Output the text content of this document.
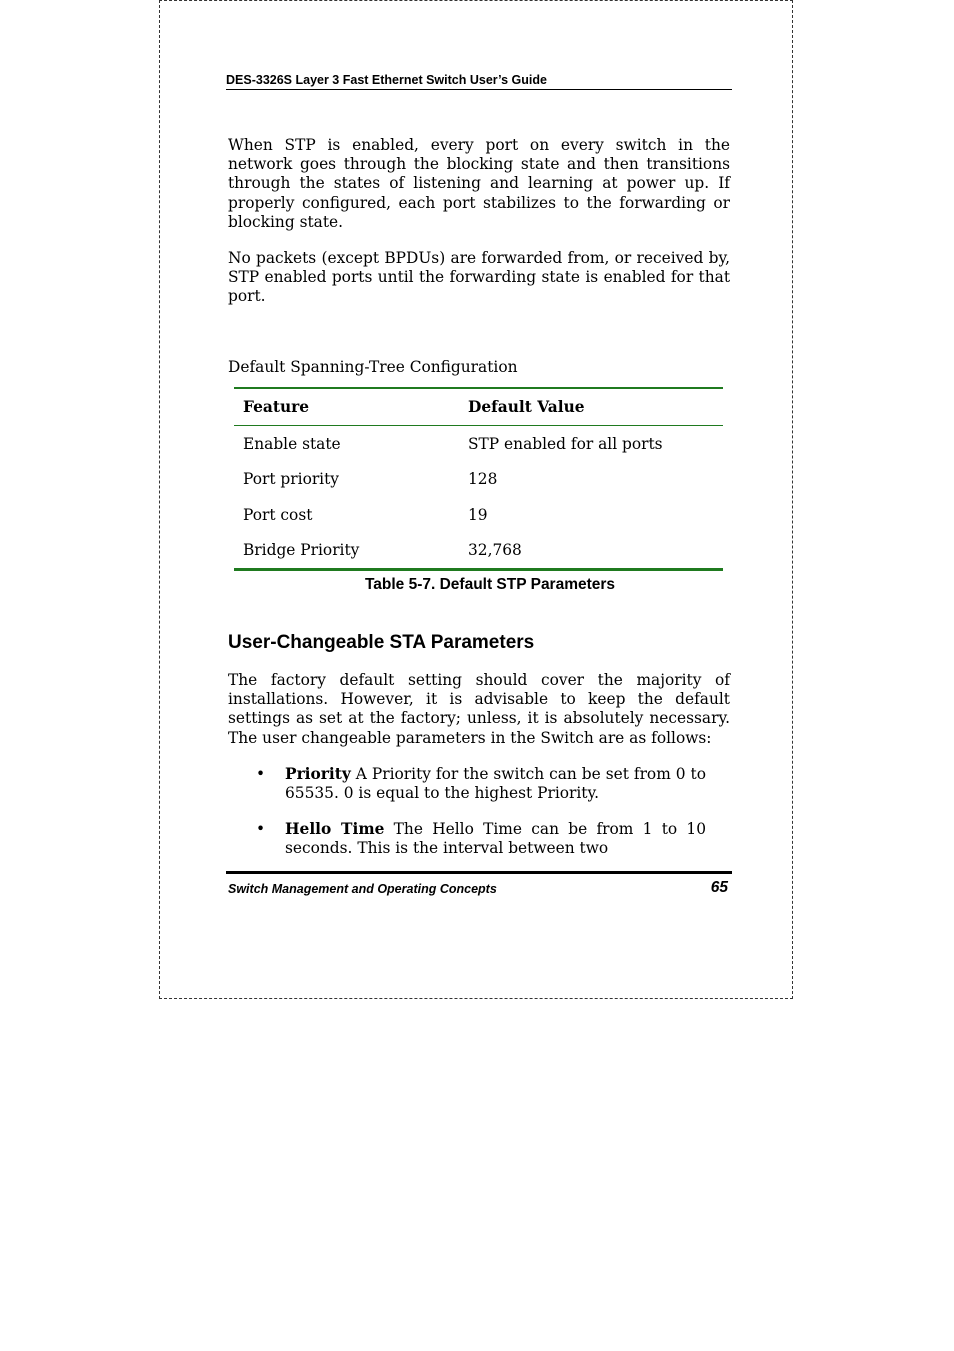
DES-3326S Layer 3 Fast Ethernet Switch User’s Guide
When STP is enabled, every port on every switch in the network goes through the blocking state and then transitions through the states of listening and learning at power up. If properly configured, each port stabilizes to the forwarding or blocking state.
No packets (except BPDUs) are forwarded from, or received by, STP enabled ports until the forwarding state is enabled for that port.
Default Spanning-Tree Configuration
Feature	Default Value
Enable state	STP enabled for all ports
Port priority	128
Port cost	19
Bridge Priority	32,768
Table 5-7. Default STP Parameters
User-Changeable STA Parameters
The factory default setting should cover the majority of installations. However, it is advisable to keep the default settings as set at the factory; unless, it is absolutely necessary. The user changeable parameters in the Switch are as follows:
• Priority A Priority for the switch can be set from 0 to 65535. 0 is equal to the highest Priority.
• Hello Time The Hello Time can be from 1 to 10 seconds. This is the interval between two
Switch Management and Operating Concepts	65
